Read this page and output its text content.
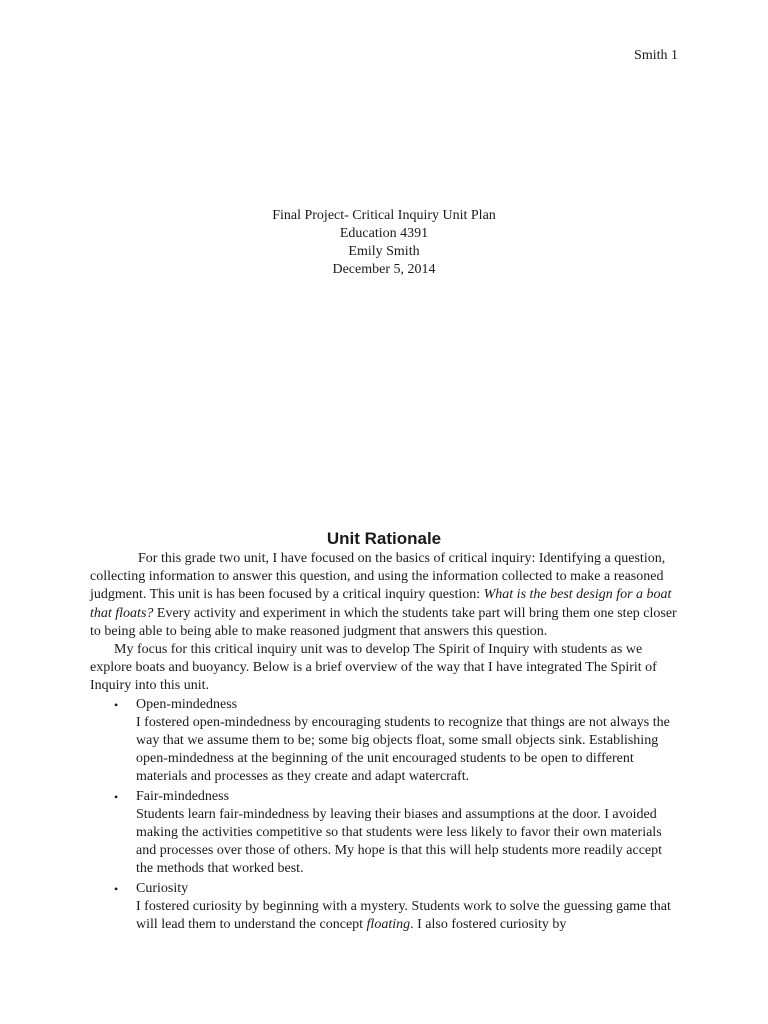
Smith 1
Final Project- Critical Inquiry Unit Plan
Education 4391
Emily Smith
December 5, 2014
Unit Rationale

For this grade two unit, I have focused on the basics of critical inquiry: Identifying a question, collecting information to answer this question, and using the information collected to make a reasoned judgment. This unit is has been focused by a critical inquiry question: What is the best design for a boat that floats? Every activity and experiment in which the students take part will bring them one step closer to being able to being able to make reasoned judgment that answers this question.

My focus for this critical inquiry unit was to develop The Spirit of Inquiry with students as we explore boats and buoyancy. Below is a brief overview of the way that I have integrated The Spirit of Inquiry into this unit.

• Open-mindedness
I fostered open-mindedness by encouraging students to recognize that things are not always the way that we assume them to be; some big objects float, some small objects sink. Establishing open-mindedness at the beginning of the unit encouraged students to be open to different materials and processes as they create and adapt watercraft.
• Fair-mindedness
Students learn fair-mindedness by leaving their biases and assumptions at the door. I avoided making the activities competitive so that students were less likely to favor their own materials and processes over those of others. My hope is that this will help students more readily accept the methods that worked best.
• Curiosity
I fostered curiosity by beginning with a mystery. Students work to solve the guessing game that will lead them to understand the concept floating. I also fostered curiosity by
